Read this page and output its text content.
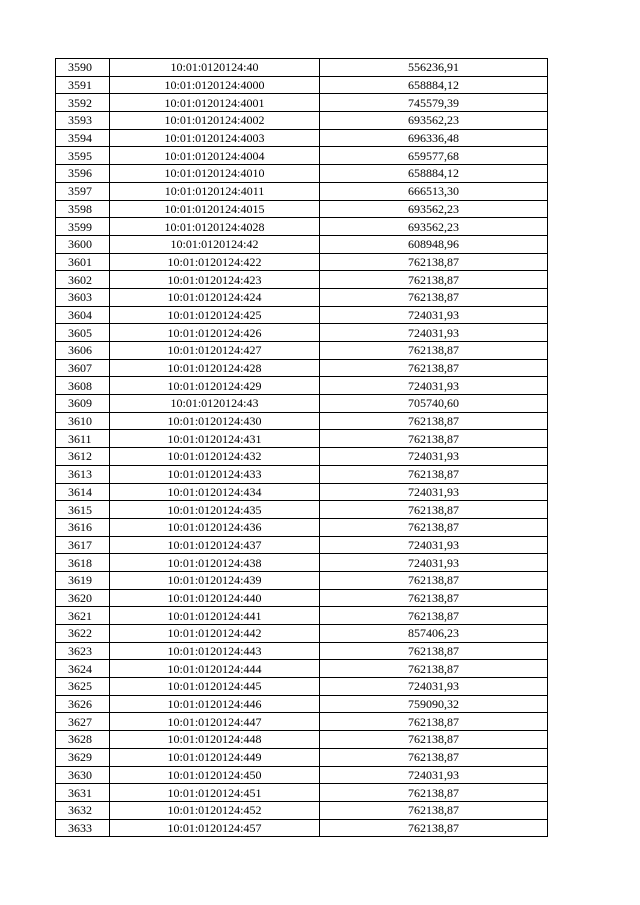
3590	10:01:0120124:40	556236,91
3591	10:01:0120124:4000	658884,12
3592	10:01:0120124:4001	745579,39
3593	10:01:0120124:4002	693562,23
3594	10:01:0120124:4003	696336,48
3595	10:01:0120124:4004	659577,68
3596	10:01:0120124:4010	658884,12
3597	10:01:0120124:4011	666513,30
3598	10:01:0120124:4015	693562,23
3599	10:01:0120124:4028	693562,23
3600	10:01:0120124:42	608948,96
3601	10:01:0120124:422	762138,87
3602	10:01:0120124:423	762138,87
3603	10:01:0120124:424	762138,87
3604	10:01:0120124:425	724031,93
3605	10:01:0120124:426	724031,93
3606	10:01:0120124:427	762138,87
3607	10:01:0120124:428	762138,87
3608	10:01:0120124:429	724031,93
3609	10:01:0120124:43	705740,60
3610	10:01:0120124:430	762138,87
3611	10:01:0120124:431	762138,87
3612	10:01:0120124:432	724031,93
3613	10:01:0120124:433	762138,87
3614	10:01:0120124:434	724031,93
3615	10:01:0120124:435	762138,87
3616	10:01:0120124:436	762138,87
3617	10:01:0120124:437	724031,93
3618	10:01:0120124:438	724031,93
3619	10:01:0120124:439	762138,87
3620	10:01:0120124:440	762138,87
3621	10:01:0120124:441	762138,87
3622	10:01:0120124:442	857406,23
3623	10:01:0120124:443	762138,87
3624	10:01:0120124:444	762138,87
3625	10:01:0120124:445	724031,93
3626	10:01:0120124:446	759090,32
3627	10:01:0120124:447	762138,87
3628	10:01:0120124:448	762138,87
3629	10:01:0120124:449	762138,87
3630	10:01:0120124:450	724031,93
3631	10:01:0120124:451	762138,87
3632	10:01:0120124:452	762138,87
3633	10:01:0120124:457	762138,87
